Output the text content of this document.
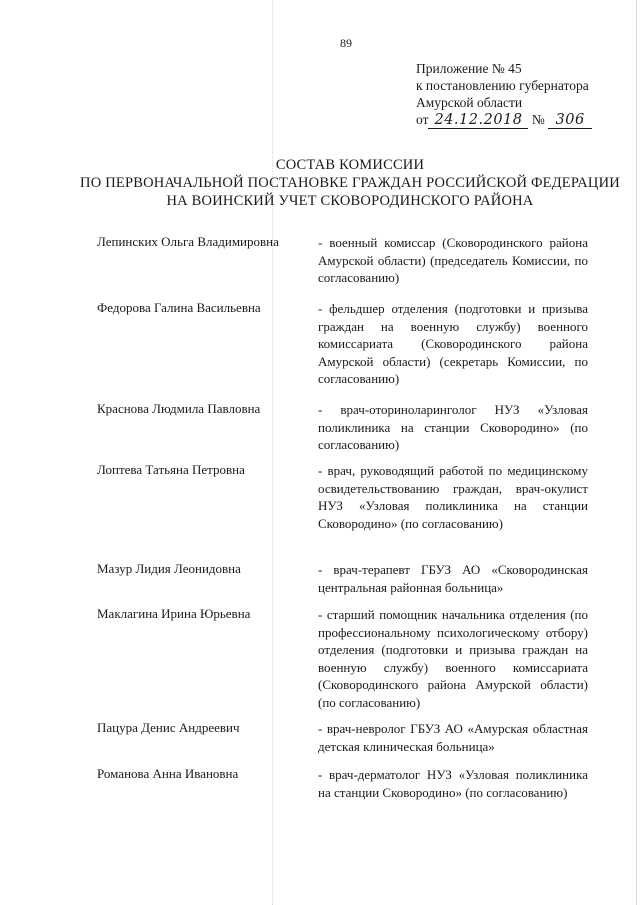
89
Приложение № 45
к постановлению губернатора
Амурской области
от 24.12.2018 № 306
СОСТАВ КОМИССИИ
ПО ПЕРВОНАЧАЛЬНОЙ ПОСТАНОВКЕ ГРАЖДАН РОССИЙСКОЙ ФЕДЕРАЦИИ
НА ВОИНСКИЙ УЧЕТ СКОВОРОДИНСКОГО РАЙОНА
Лепинских Ольга Владимировна	- военный комиссар (Сковородинского района Амурской области) (председатель Комиссии, по согласованию)
Федорова Галина Васильевна	- фельдшер отделения (подготовки и призыва граждан на военную службу) военного комиссариата (Сковородинского района Амурской области) (секретарь Комиссии, по согласованию)
Краснова Людмила Павловна	- врач-оториноларинголог НУЗ «Узловая поликлиника на станции Сковородино» (по согласованию)
Лоптева Татьяна Петровна	- врач, руководящий работой по медицинскому освидетельствованию граждан, врач-окулист НУЗ «Узловая поликлиника на станции Сковородино» (по согласованию)
Мазур Лидия Леонидовна	- врач-терапевт ГБУЗ АО «Сковородинская центральная районная больница»
Маклагина Ирина Юрьевна	- старший помощник начальника отделения (по профессиональному психологическому отбору) отделения (подготовки и призыва граждан на военную службу) военного комиссариата (Сковородинского района Амурской области) (по согласованию)
Пацура Денис Андреевич	- врач-невролог ГБУЗ АО «Амурская областная детская клиническая больница»
Романова Анна Ивановна	- врач-дерматолог НУЗ «Узловая поликлиника на станции Сковородино» (по согласованию)
